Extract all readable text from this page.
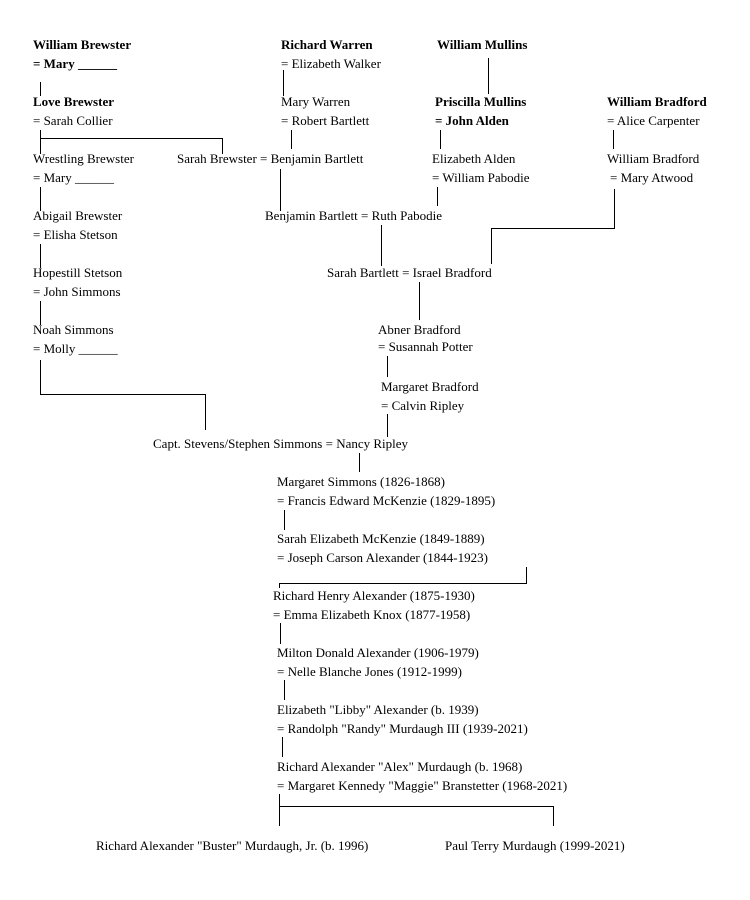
William Brewster
= Mary ______
Richard Warren
= Elizabeth Walker
William Mullins
Love Brewster
= Sarah Collier
Mary Warren
= Robert Bartlett
Priscilla Mullins
= John Alden
William Bradford
= Alice Carpenter
Wrestling Brewster
= Mary ______
Sarah Brewster = Benjamin Bartlett	Elizabeth Alden
= William Pabodie
William Bradford
= Mary Atwood
Abigail Brewster
= Elisha Stetson
Benjamin Bartlett = Ruth Pabodie
Hopestill Stetson
= John Simmons
Sarah Bartlett = Israel Bradford
Noah Simmons
= Molly ______
Abner Bradford
= Susannah Potter
Margaret Bradford
= Calvin Ripley
Capt. Stevens/Stephen Simmons = Nancy Ripley
Margaret Simmons (1826-1868)
= Francis Edward McKenzie (1829-1895)
Sarah Elizabeth McKenzie (1849-1889)
= Joseph Carson Alexander (1844-1923)
Richard Henry Alexander (1875-1930)
= Emma Elizabeth Knox (1877-1958)
Milton Donald Alexander (1906-1979)
= Nelle Blanche Jones (1912-1999)
Elizabeth "Libby" Alexander (b. 1939)
= Randolph "Randy" Murdaugh III (1939-2021)
Richard Alexander "Alex" Murdaugh (b. 1968)
= Margaret Kennedy "Maggie" Branstetter (1968-2021)
Richard Alexander "Buster" Murdaugh, Jr. (b. 1996)	Paul Terry Murdaugh (1999-2021)
